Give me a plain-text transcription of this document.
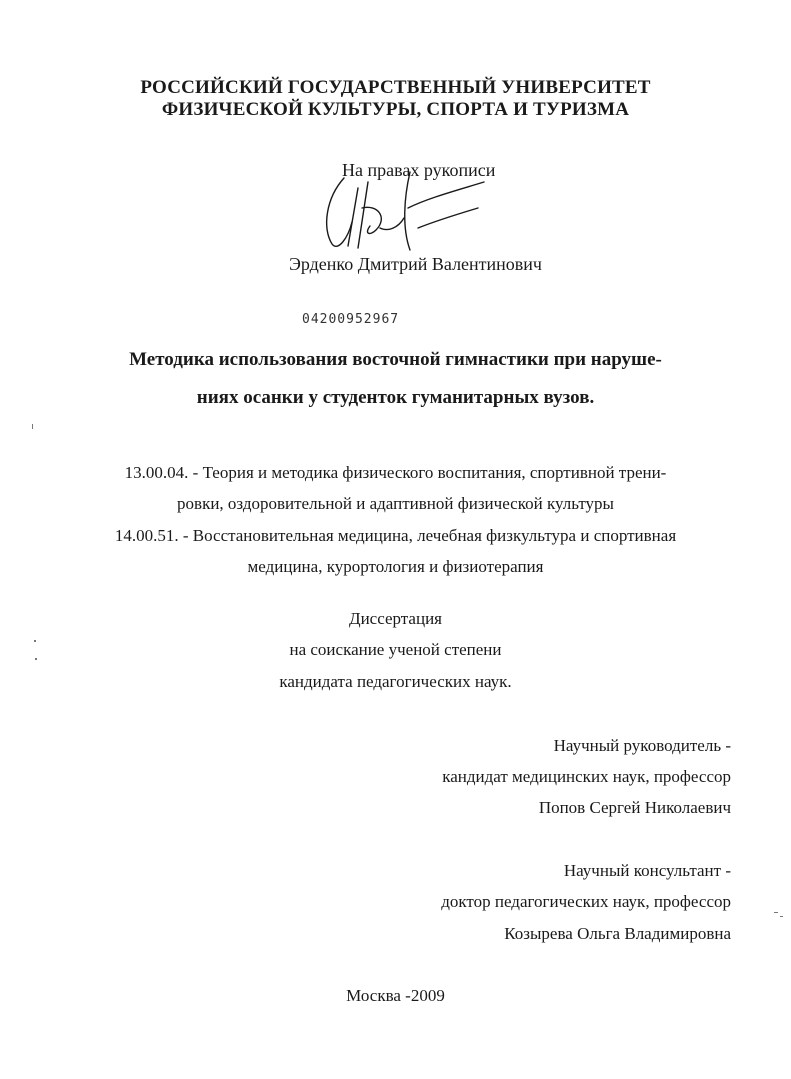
РОССИЙСКИЙ ГОСУДАРСТВЕННЫЙ УНИВЕРСИТЕТ
ФИЗИЧЕСКОЙ КУЛЬТУРЫ, СПОРТА И ТУРИЗМА
На правах рукописи
Эрденко Дмитрий Валентинович
04200952967
Методика использования восточной гимнастики при наруше-
ниях осанки у студенток гуманитарных вузов.
13.00.04. - Теория и методика физического воспитания, спортивной трени-
ровки, оздоровительной и адаптивной физической культуры
14.00.51. - Восстановительная медицина, лечебная физкультура и спортивная
медицина, курортология и физиотерапия
Диссертация
на соискание ученой степени
кандидата педагогических наук.
Научный руководитель -
кандидат медицинских наук, профессор
Попов Сергей Николаевич
Научный консультант -
доктор педагогических наук, профессор
Козырева Ольга Владимировна
Москва -2009
